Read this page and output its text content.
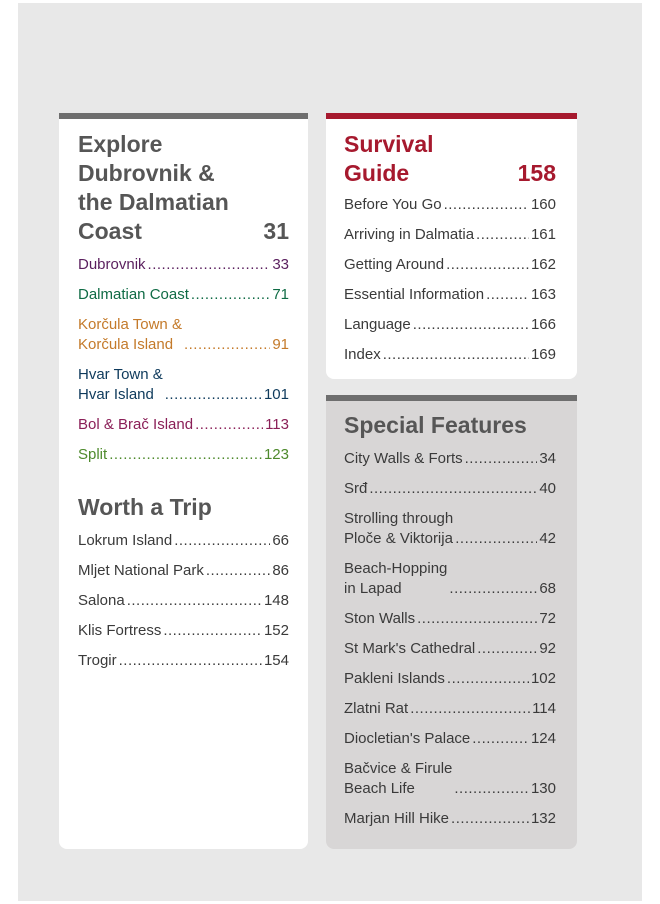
Explore
Dubrovnik &
the Dalmatian
Coast	31
Dubrovnik .....	33
Dalmatian Coast .....	71
Korčula Town &
Korčula Island .....	91
Hvar Town &
Hvar Island .....	101
Bol & Brač Island .....	113
Split .....	123
Worth a Trip
Lokrum Island .....	66
Mljet National Park .....	86
Salona .....	148
Klis Fortress .....	152
Trogir .....	154
Survival
Guide	158
Before You Go .....	160
Arriving in Dalmatia .....	161
Getting Around .....	162
Essential Information .....	163
Language .....	166
Index .....	169
Special Features
City Walls & Forts .....	34
Srđ .....	40
Strolling through
Ploče & Viktorija .....	42
Beach-Hopping
in Lapad .....	68
Ston Walls .....	72
St Mark's Cathedral .....	92
Pakleni Islands .....	102
Zlatni Rat .....	114
Diocletian's Palace .....	124
Bačvice & Firule
Beach Life .....	130
Marjan Hill Hike .....	132
